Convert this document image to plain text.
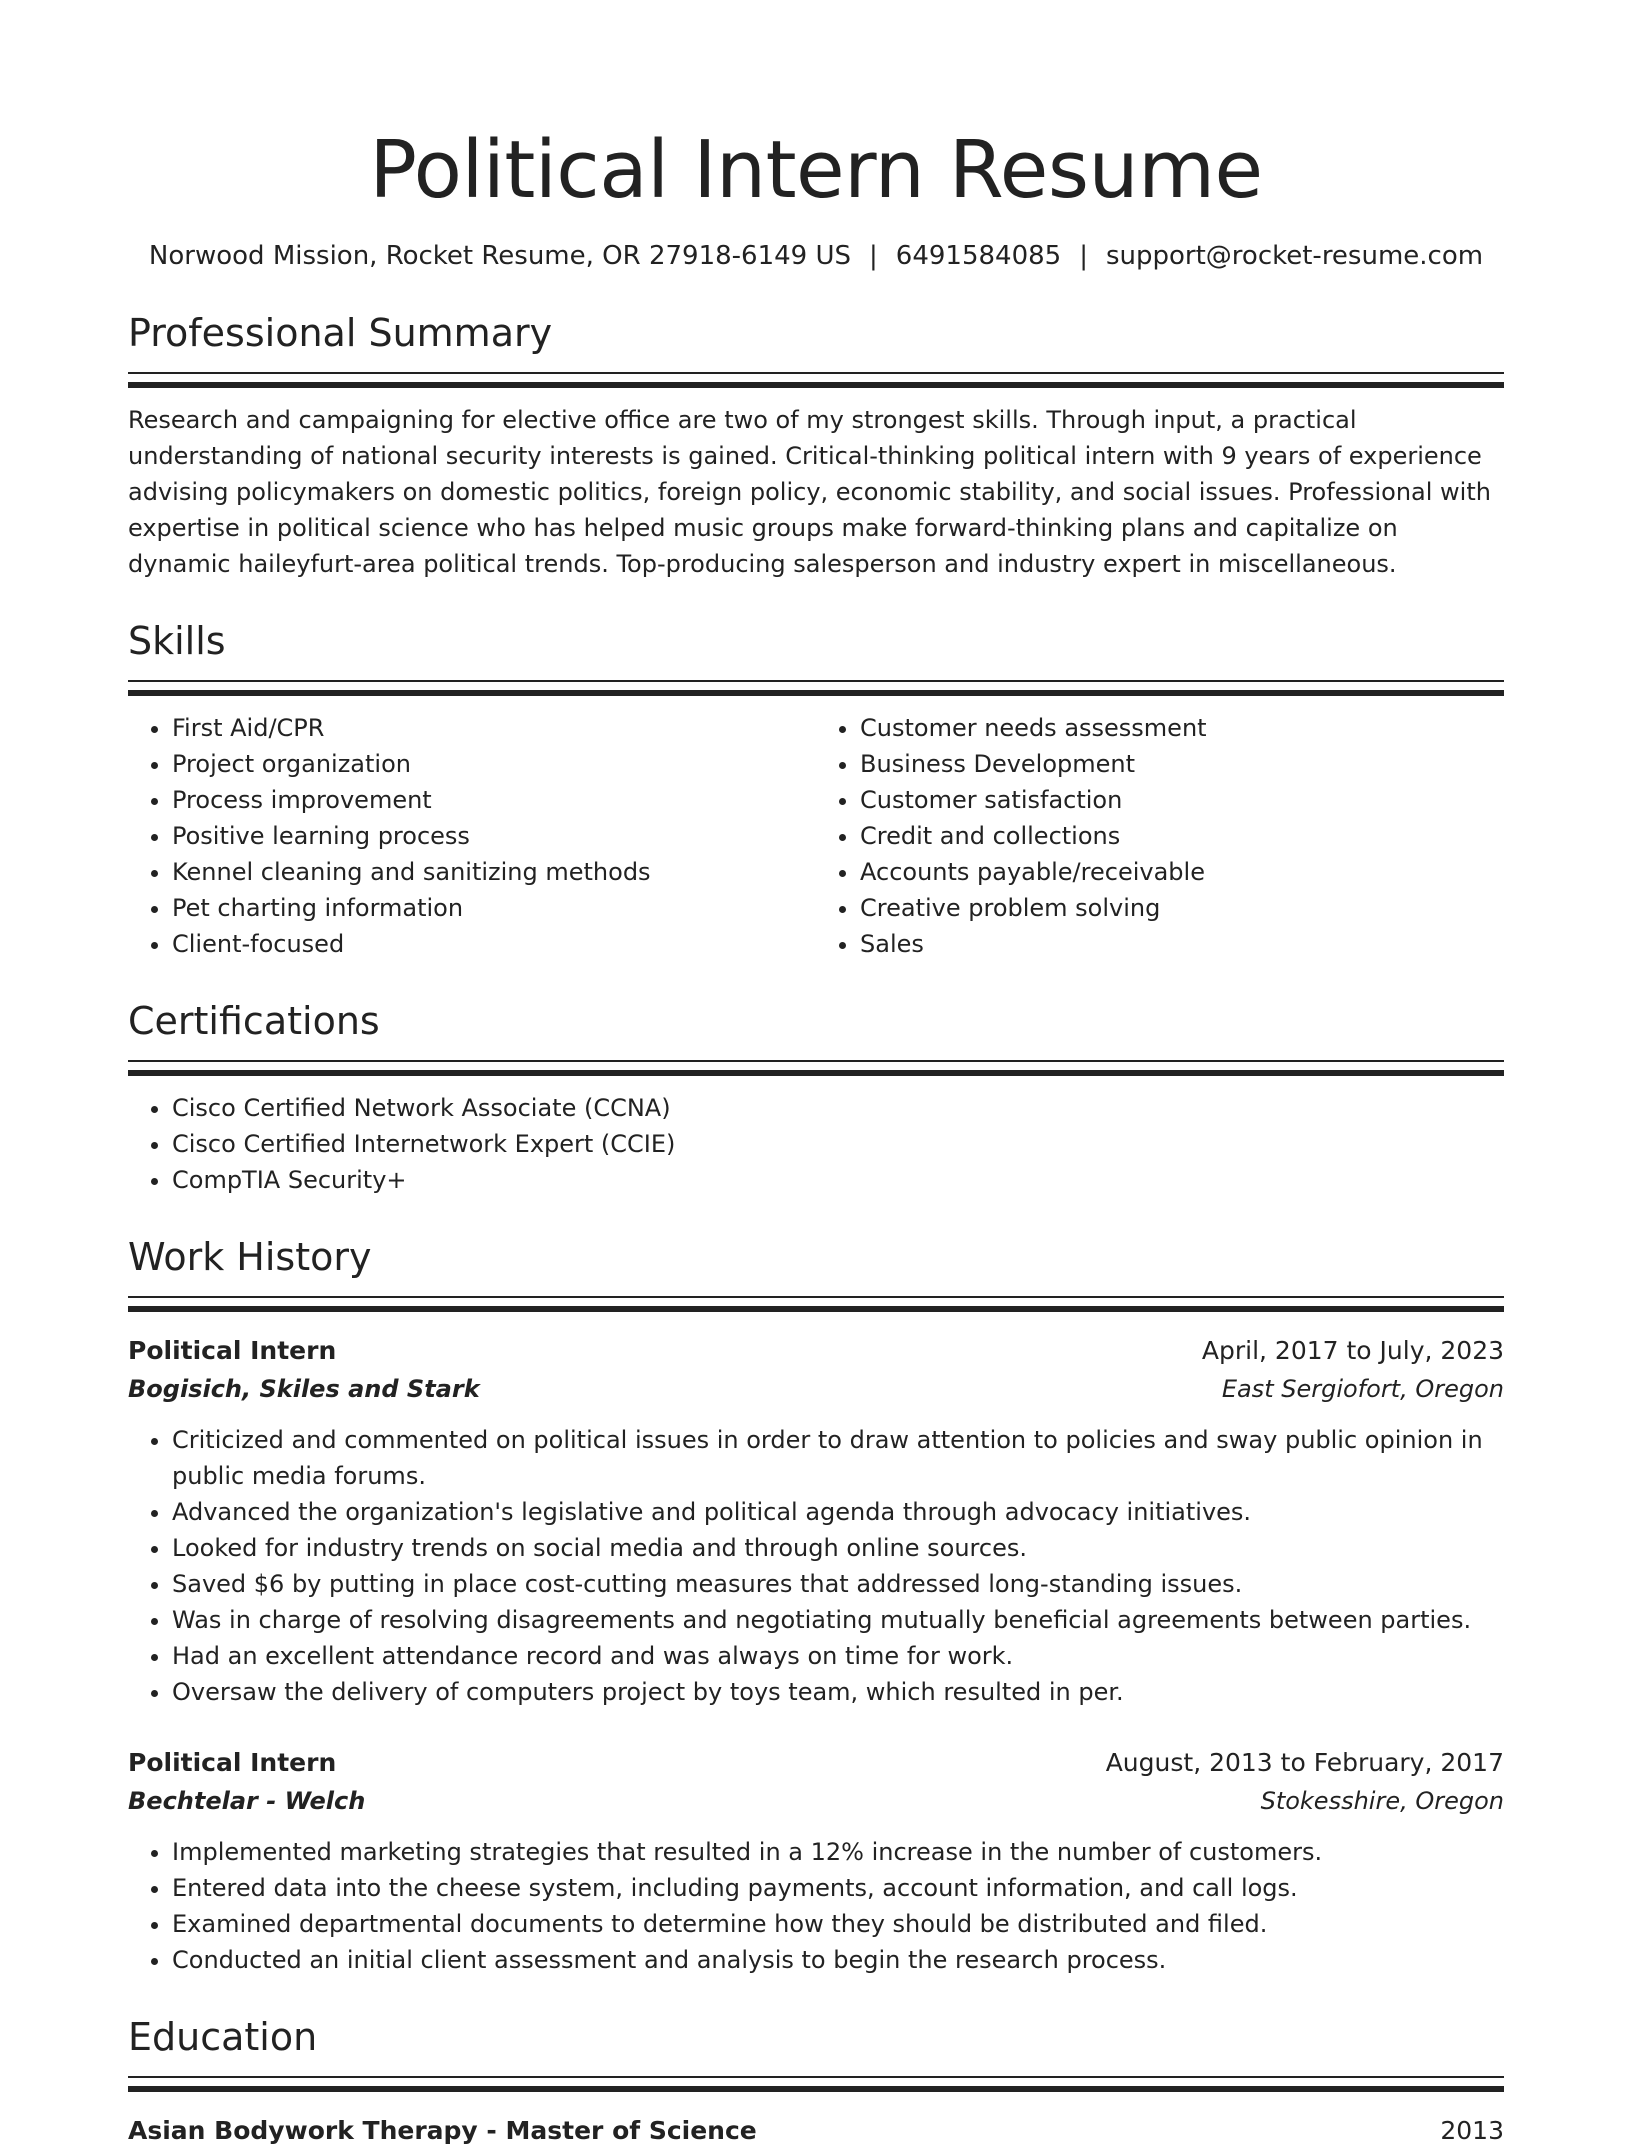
Political Intern Resume
Norwood Mission, Rocket Resume, OR 27918-6149 US | 6491584085 | support@rocket-resume.com
Professional Summary
Research and campaigning for elective office are two of my strongest skills. Through input, a practical understanding of national security interests is gained. Critical-thinking political intern with 9 years of experience advising policymakers on domestic politics, foreign policy, economic stability, and social issues. Professional with expertise in political science who has helped music groups make forward-thinking plans and capitalize on dynamic haileyfurt-area political trends. Top-producing salesperson and industry expert in miscellaneous.
Skills
• First Aid/CPR
• Project organization
• Process improvement
• Positive learning process
• Kennel cleaning and sanitizing methods
• Pet charting information
• Client-focused
• Customer needs assessment
• Business Development
• Customer satisfaction
• Credit and collections
• Accounts payable/receivable
• Creative problem solving
• Sales
Certifications
• Cisco Certified Network Associate (CCNA)
• Cisco Certified Internetwork Expert (CCIE)
• CompTIA Security+
Work History
Political Intern	April, 2017 to July, 2023
Bogisich, Skiles and Stark	East Sergiofort, Oregon
• Criticized and commented on political issues in order to draw attention to policies and sway public opinion in public media forums.
• Advanced the organization's legislative and political agenda through advocacy initiatives.
• Looked for industry trends on social media and through online sources.
• Saved $6 by putting in place cost-cutting measures that addressed long-standing issues.
• Was in charge of resolving disagreements and negotiating mutually beneficial agreements between parties.
• Had an excellent attendance record and was always on time for work.
• Oversaw the delivery of computers project by toys team, which resulted in per.
Political Intern	August, 2013 to February, 2017
Bechtelar - Welch	Stokesshire, Oregon
• Implemented marketing strategies that resulted in a 12% increase in the number of customers.
• Entered data into the cheese system, including payments, account information, and call logs.
• Examined departmental documents to determine how they should be distributed and filed.
• Conducted an initial client assessment and analysis to begin the research process.
Education
Asian Bodywork Therapy - Master of Science	2013
